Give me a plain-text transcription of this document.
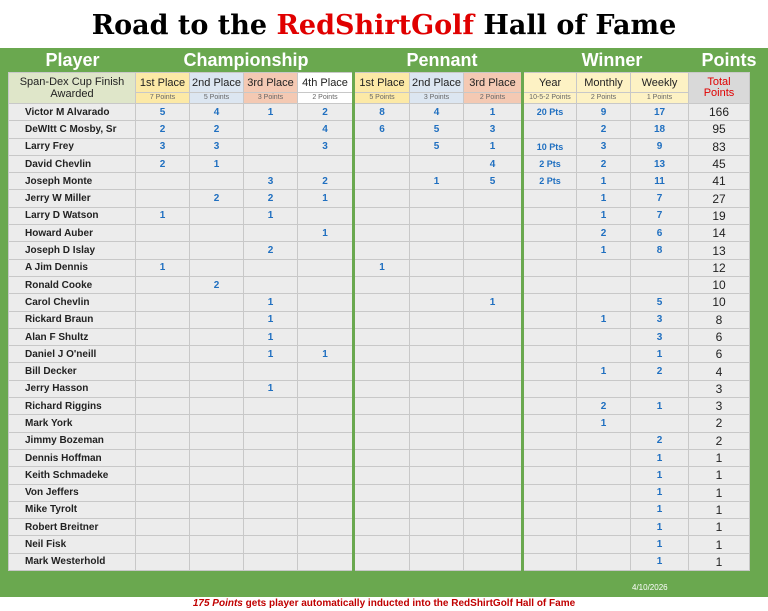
Road to the RedShirtGolf Hall of Fame
Player	Championship	Pennant	Winner	Points
Span-Dex Cup Finish
Awarded	1st Place	2nd Place	3rd Place	4th Place	1st Place	2nd Place	3rd Place	Year	Monthly	Weekly	Total
Points
	7 Points	5 Points	3 Points	2 Points	5 Points	3 Points	2 Points	10-5-2 Points	2 Points	1 Points	
Victor M Alvarado	5	4	1	2	8	4	1	20 Pts	9	17	166
DeWItt C Mosby, Sr	2	2		4	6	5	3		2	18	95
Larry Frey	3	3		3		5	1	10 Pts	3	9	83
David Chevlin	2	1					4	2 Pts	2	13	45
Joseph Monte			3	2		1	5	2 Pts	1	11	41
Jerry W Miller		2	2	1					1	7	27
Larry D Watson	1		1						1	7	19
Howard Auber				1					2	6	14
Joseph D Islay			2						1	8	13
A Jim Dennis	1				1						12
Ronald Cooke		2									10
Carol Chevlin			1				1			5	10
Rickard Braun			1						1	3	8
Alan F Shultz			1							3	6
Daniel J O'neill			1	1						1	6
Bill Decker									1	2	4
Jerry Hasson			1								3
Richard Riggins									2	1	3
Mark York									1		2
Jimmy Bozeman										2	2
Dennis Hoffman										1	1
Keith Schmadeke										1	1
Von Jeffers										1	1
Mike Tyrolt										1	1
Robert Breitner										1	1
Neil Fisk										1	1
Mark Westerhold										1	1
4/10/2026
175 Points gets player automatically inducted into the RedShirtGolf Hall of Fame
